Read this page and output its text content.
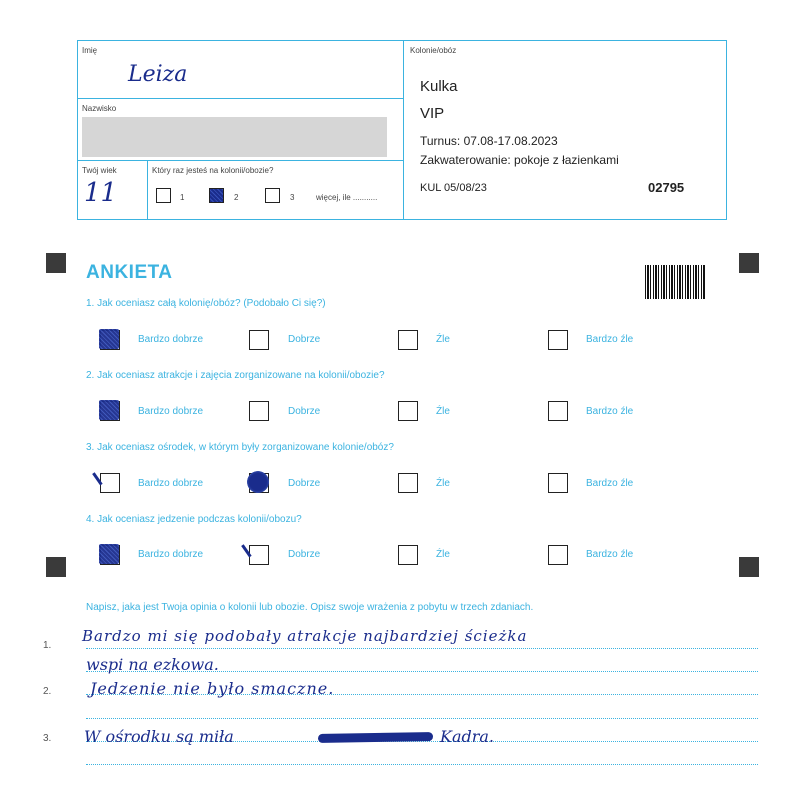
Imię
Leiza
Nazwisko
Twój wiek
11
Który raz jesteś na kolonii/obozie?
1	2	3	więcej, ile ...........
Kolonie/obóz
Kulka
VIP
Turnus: 07.08-17.08.2023
Zakwaterowanie: pokoje z łazienkami
KUL 05/08/23	02795
ANKIETA
1. Jak oceniasz całą kolonię/obóz? (Podobało Ci się?)
Bardzo dobrze	Dobrze	Źle	Bardzo źle
2. Jak oceniasz atrakcje i zajęcia zorganizowane na kolonii/obozie?
Bardzo dobrze	Dobrze	Źle	Bardzo źle
3. Jak oceniasz ośrodek, w którym były zorganizowane kolonie/obóz?
Bardzo dobrze	Dobrze	Źle	Bardzo źle
4. Jak oceniasz jedzenie podczas kolonii/obozu?
Bardzo dobrze	Dobrze	Źle	Bardzo źle
Napisz, jaka jest Twoja opinia o kolonii lub obozie. Opisz swoje wrażenia z pobytu w trzech zdaniach.
1.
2.
3.
Bardzo mi się podobały atrakcje najbardziej ścieżka
wspi na ezkowa.
Jedzenie nie było smaczne.
W ośrodku są miła	Kadra.
